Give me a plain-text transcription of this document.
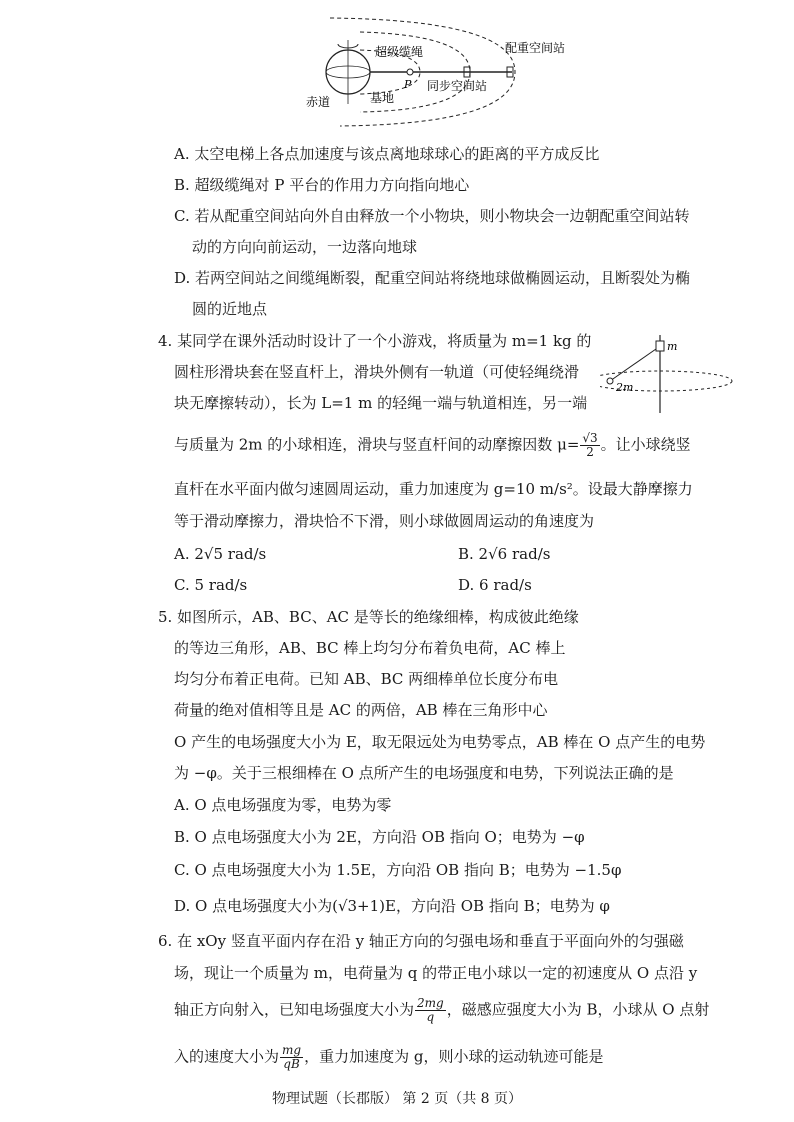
超级缆绳	配重空间站
赤道	基地
同步空间站
P
A. 太空电梯上各点加速度与该点离地球球心的距离的平方成反比
B. 超级缆绳对 P 平台的作用力方向指向地心
C. 若从配重空间站向外自由释放一个小物块，则小物块会一边朝配重空间站转
动的方向向前运动，一边落向地球
D. 若两空间站之间缆绳断裂，配重空间站将绕地球做椭圆运动，且断裂处为椭
圆的近地点
4. 某同学在课外活动时设计了一个小游戏，将质量为 m=1 kg 的
圆柱形滑块套在竖直杆上，滑块外侧有一轨道（可使轻绳绕滑
块无摩擦转动），长为 L=1 m 的轻绳一端与轨道相连，另一端
m
2m
与质量为 2m 的小球相连，滑块与竖直杆间的动摩擦因数 $\mu= \frac{√3}{2}$ 。让小球绕竖
直杆在水平面内做匀速圆周运动，重力加速度为 g=10 m/s²。设最大静摩擦力
等于滑动摩擦力，滑块恰不下滑，则小球做圆周运动的角速度为
A. 2√5 rad/s	B. 2√6 rad/s
C. 5 rad/s	D. 6 rad/s
5. 如图所示，AB、BC、AC 是等长的绝缘细棒，构成彼此绝缘
的等边三角形，AB、BC 棒上均匀分布着负电荷，AC 棒上
均匀分布着正电荷。已知 AB、BC 两细棒单位长度分布电
荷量的绝对值相等且是 AC 的两倍，AB 棒在三角形中心
O 产生的电场强度大小为 E，取无限远处为电势零点，AB 棒在 O 点产生的电势
为 −φ。关于三根细棒在 O 点所产生的电场强度和电势，下列说法正确的是
A. O 点电场强度为零，电势为零
B. O 点电场强度大小为 2E，方向沿 OB 指向 O；电势为 −φ
C. O 点电场强度大小为 1.5E，方向沿 OB 指向 B；电势为 −1.5φ
D. O 点电场强度大小为(√3+1)E，方向沿 OB 指向 B；电势为 φ
6. 在 xOy 竖直平面内存在沿 y 轴正方向的匀强电场和垂直于平面向外的匀强磁
场，现让一个质量为 m，电荷量为 q 的带正电小球以一定的初速度从 O 点沿 y
轴正方向射入，已知电场强度大小为 $\frac{2mg}{q}$ ，磁感应强度大小为 B，小球从 O 点射
入的速度大小为 $\frac{mg}{qB}$ ，重力加速度为 g，则小球的运动轨迹可能是
物理试题（长郡版） 第 2 页（共 8 页）
